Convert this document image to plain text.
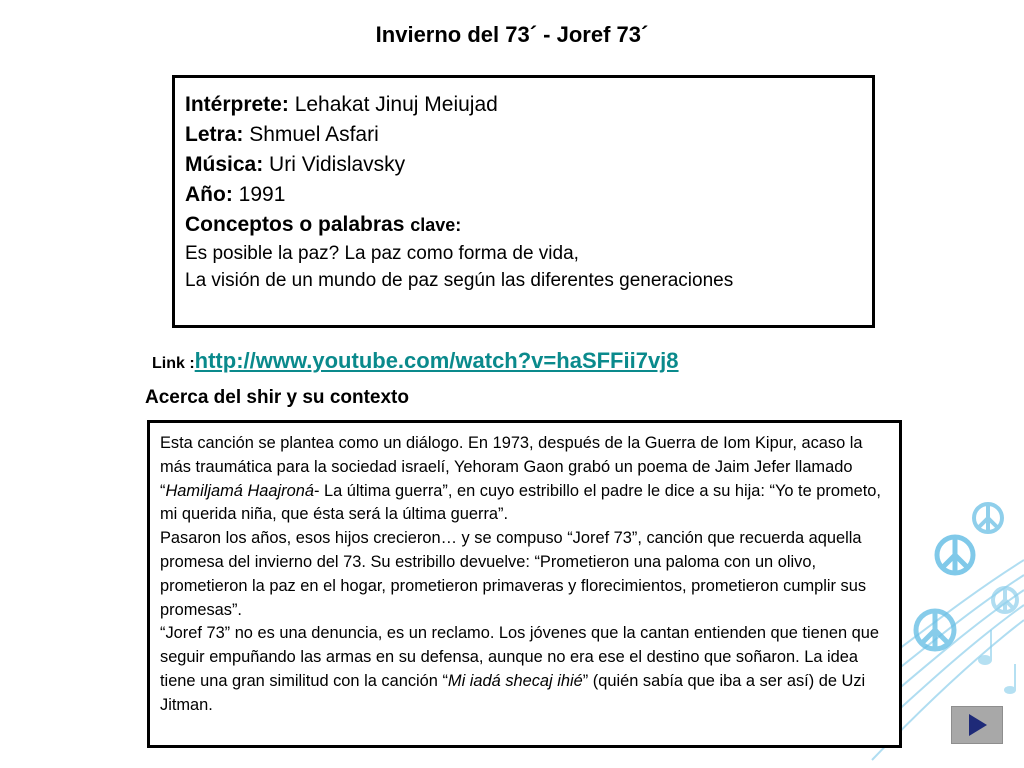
Invierno del 73´ - Joref 73´
Intérprete: Lehakat Jinuj Meiujad
Letra: Shmuel Asfari
Música: Uri Vidislavsky
Año: 1991
Conceptos o palabras clave:
Es posible la paz? La paz como forma de vida,
La visión de un mundo de paz según las diferentes generaciones
Link :http://www.youtube.com/watch?v=haSFFii7vj8
Acerca del shir y su contexto

Esta canción se plantea como un diálogo. En 1973, después de la Guerra de Iom Kipur, acaso la más traumática para la sociedad israelí, Yehoram Gaon grabó un poema de Jaim Jefer llamado “Hamiljamá Haajroná- La última guerra”, en cuyo estribillo el padre le dice a su hija: “Yo te prometo, mi querida niña, que ésta será la última guerra”.

Pasaron los años, esos hijos crecieron… y se compuso “Joref 73”, canción que recuerda aquella promesa del invierno del 73. Su estribillo devuelve: “Prometieron una paloma con un olivo, prometieron la paz en el hogar, prometieron primaveras y florecimientos, prometieron cumplir sus promesas”.

“Joref 73” no es una denuncia, es un reclamo. Los jóvenes que la cantan entienden que tienen que seguir empuñando las armas en su defensa, aunque no era ese el destino que soñaron. La idea tiene una gran similitud con la canción “Mi iadá shecaj ihié” (quién sabía que iba a ser así) de Uzi Jitman.
